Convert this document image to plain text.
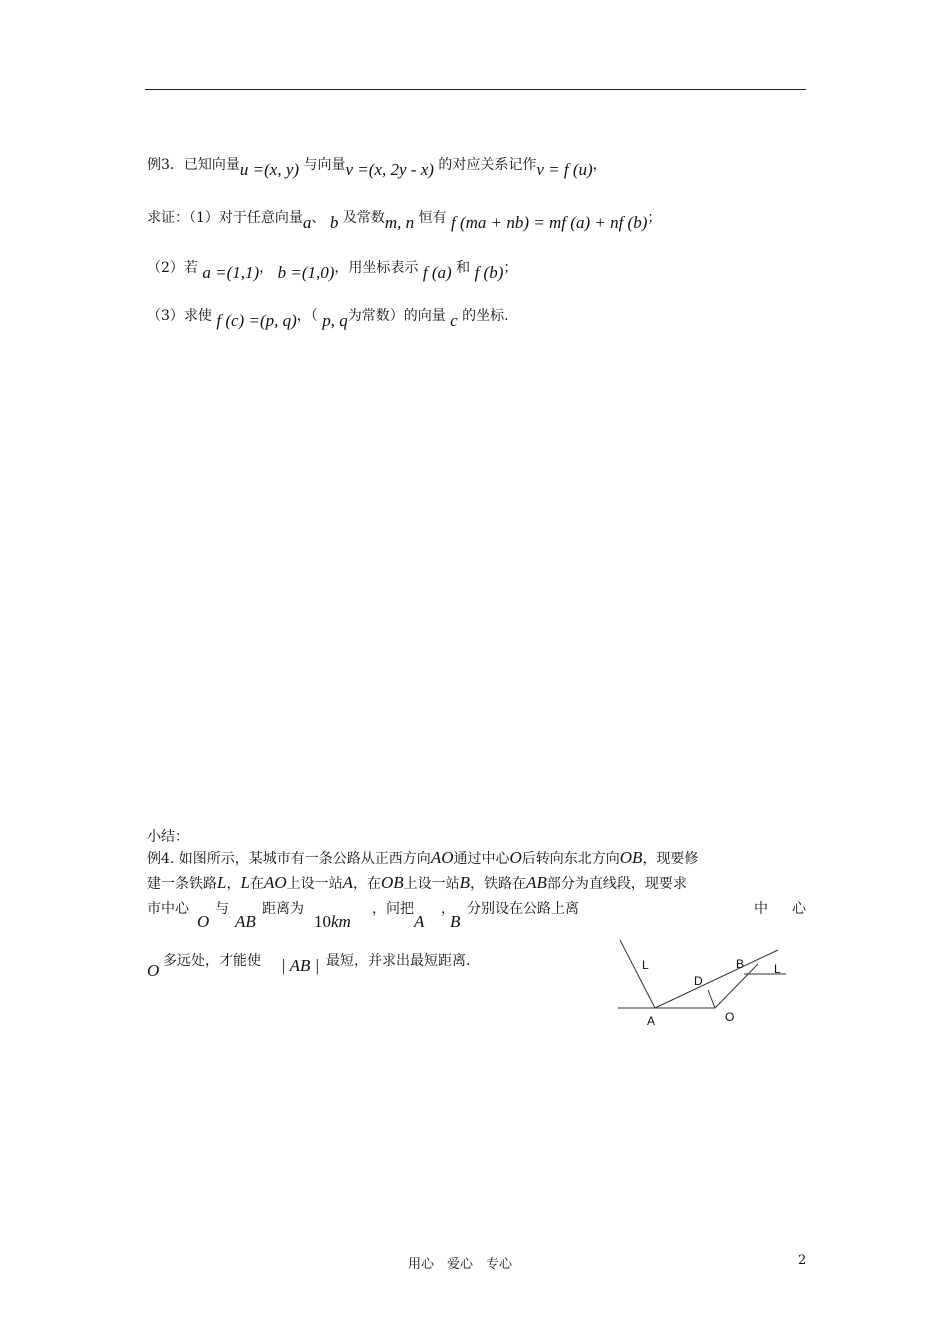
例3．已知向量u =(x, y) 与向量v =(x, 2y - x) 的对应关系记作v = f (u)，
求证：（1）对于任意向量a、 b 及常数m, n 恒有 f (ma + nb) = mf (a) + nf (b)；
（2）若 a =(1,1)， b =(1,0)，用坐标表示 f (a) 和 f (b)；
（3）求使 f (c) =(p, q)，（ p, q为常数）的向量 c 的坐标.
小结：
例4. 如图所示，某城市有一条公路从正西方向AO通过中心O后转向东北方向OB，现要修
建一条铁路L，L在AO上设一站A，在OB上设一站B，铁路在AB部分为直线段，现要求
市中心 与 距离为	，问把 ， 分别设在公路上离	中 心
O AB	10km	A B
O 多远处，才能使 | AB | 最短，并求出最短距离.	L	B L
D
A	O
用心　爱心　专心	2
